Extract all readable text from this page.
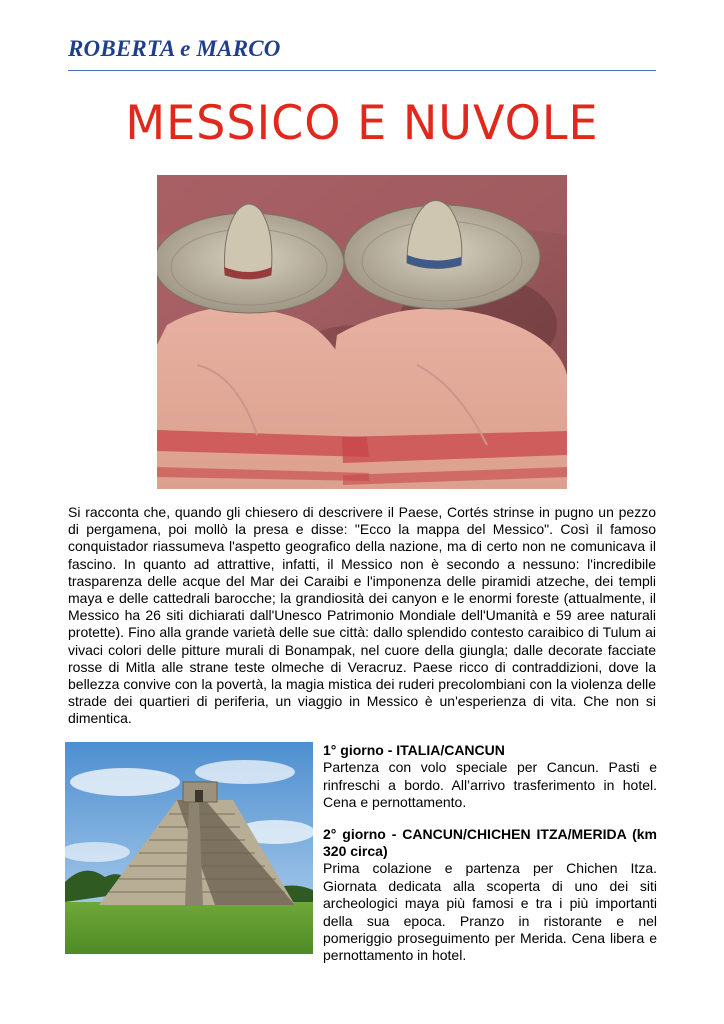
ROBERTA e MARCO
MESSICO E NUVOLE

Si racconta che, quando gli chiesero di descrivere il Paese, Cortés strinse in pugno un pezzo di pergamena, poi mollò la presa e disse: "Ecco la mappa del Messico". Così il famoso conquistador riassumeva l'aspetto geografico della nazione, ma di certo non ne comunicava il fascino. In quanto ad attrattive, infatti, il Messico non è secondo a nessuno: l'incredibile trasparenza delle acque del Mar dei Caraibi e l'imponenza delle piramidi atzeche, dei templi maya e delle cattedrali barocche; la grandiosità dei canyon e le enormi foreste (attualmente, il Messico ha 26 siti dichiarati dall'Unesco Patrimonio Mondiale dell'Umanità e 59 aree naturali protette). Fino alla grande varietà delle sue città: dallo splendido contesto caraibico di Tulum ai vivaci colori delle pitture murali di Bonampak, nel cuore della giungla; dalle decorate facciate rosse di Mitla alle strane teste olmeche di Veracruz. Paese ricco di contraddizioni, dove la bellezza convive con la povertà, la magia mistica dei ruderi precolombiani con la violenza delle strade dei quartieri di periferia, un viaggio in Messico è un'esperienza di vita. Che non si dimentica.

1° giorno - ITALIA/CANCUN

Partenza con volo speciale per Cancun. Pasti e rinfreschi a bordo. All’arrivo trasferimento in hotel. Cena e pernottamento.

2° giorno - CANCUN/CHICHEN ITZA/MERIDA (km 320 circa)

Prima colazione e partenza per Chichen Itza. Giornata dedicata alla scoperta di uno dei siti archeologici maya più famosi e tra i più importanti della sua epoca. Pranzo in ristorante e nel pomeriggio proseguimento per Merida. Cena libera e pernottamento in hotel.
